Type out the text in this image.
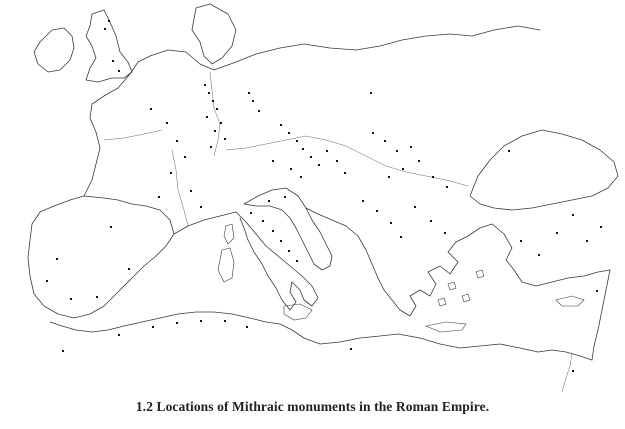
1.2 Locations of Mithraic monuments in the Roman Empire.
